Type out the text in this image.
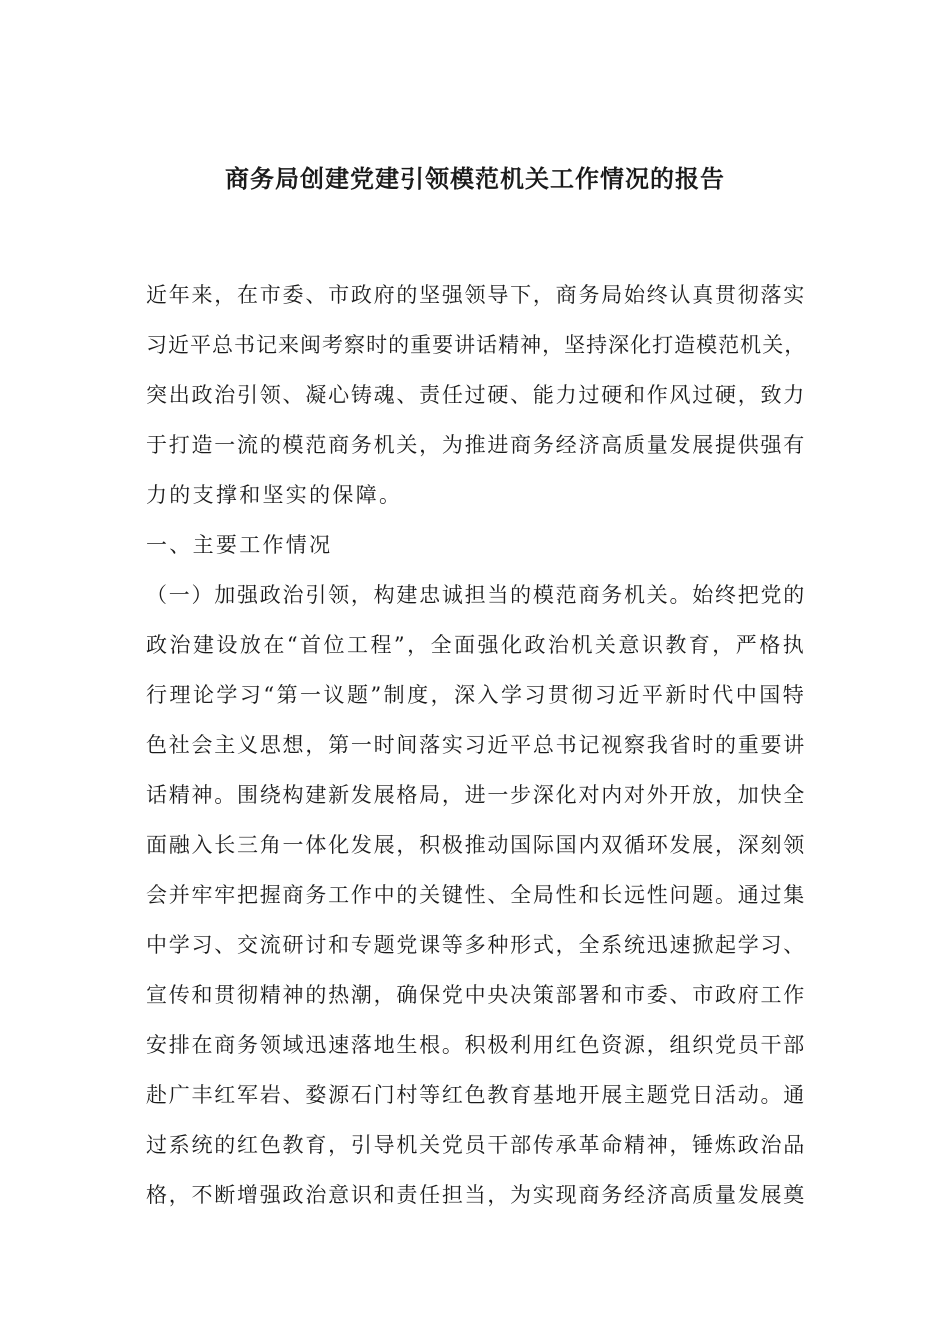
商务局创建党建引领模范机关工作情况的报告

近年来，在市委、市政府的坚强领导下，商务局始终认真贯彻落实

习近平总书记来闽考察时的重要讲话精神，坚持深化打造模范机关，

突出政治引领、凝心铸魂、责任过硬、能力过硬和作风过硬，致力

于打造一流的模范商务机关，为推进商务经济高质量发展提供强有

力的支撑和坚实的保障。

一、主要工作情况

（一）加强政治引领，构建忠诚担当的模范商务机关。始终把党的

政治建设放在“首位工程”，全面强化政治机关意识教育，严格执

行理论学习“第一议题”制度，深入学习贯彻习近平新时代中国特

色社会主义思想，第一时间落实习近平总书记视察我省时的重要讲

话精神。围绕构建新发展格局，进一步深化对内对外开放，加快全

面融入长三角一体化发展，积极推动国际国内双循环发展，深刻领

会并牢牢把握商务工作中的关键性、全局性和长远性问题。通过集

中学习、交流研讨和专题党课等多种形式，全系统迅速掀起学习、

宣传和贯彻精神的热潮，确保党中央决策部署和市委、市政府工作

安排在商务领域迅速落地生根。积极利用红色资源，组织党员干部

赴广丰红军岩、婺源石门村等红色教育基地开展主题党日活动。通

过系统的红色教育，引导机关党员干部传承革命精神，锤炼政治品

格，不断增强政治意识和责任担当，为实现商务经济高质量发展奠
